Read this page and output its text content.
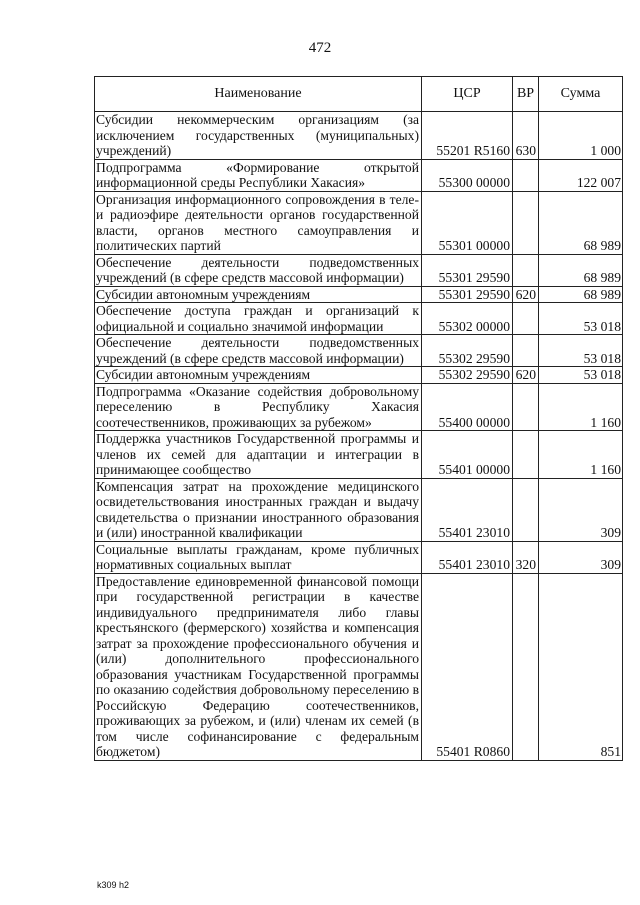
472
Наименование	ЦСР	ВР	Сумма
Субсидии некоммерческим организациям (за исключением государственных (муниципальных) учреждений)	55201 R5160	630	1 000
Подпрограмма «Формирование открытой информационной среды Республики Хакасия»	55300 00000		122 007
Организация информационного сопровождения в теле- и радиоэфире деятельности органов государственной власти, органов местного самоуправления и политических партий	55301 00000		68 989
Обеспечение деятельности подведомственных учреждений (в сфере средств массовой информации)	55301 29590		68 989
Субсидии автономным учреждениям	55301 29590	620	68 989
Обеспечение доступа граждан и организаций к официальной и социально значимой информации	55302 00000		53 018
Обеспечение деятельности подведомственных учреждений (в сфере средств массовой информации)	55302 29590		53 018
Субсидии автономным учреждениям	55302 29590	620	53 018
Подпрограмма «Оказание содействия добровольному переселению в Республику Хакасия соотечественников, проживающих за рубежом»	55400 00000		1 160
Поддержка участников Государственной программы и членов их семей для адаптации и интеграции в принимающее сообщество	55401 00000		1 160
Компенсация затрат на прохождение медицинского освидетельствования иностранных граждан и выдачу свидетельства о признании иностранного образования и (или) иностранной квалификации	55401 23010		309
Социальные выплаты гражданам, кроме публичных нормативных социальных выплат	55401 23010	320	309
Предоставление единовременной финансовой помощи при государственной регистрации в качестве индивидуального предпринимателя либо главы крестьянского (фермерского) хозяйства и компенсация затрат за прохождение профессионального обучения и (или) дополнительного профессионального образования участникам Государственной программы по оказанию содействия добровольному переселению в Российскую Федерацию соотечественников, проживающих за рубежом, и (или) членам их семей (в том числе софинансирование с федеральным бюджетом)	55401 R0860		851
k309 h2
